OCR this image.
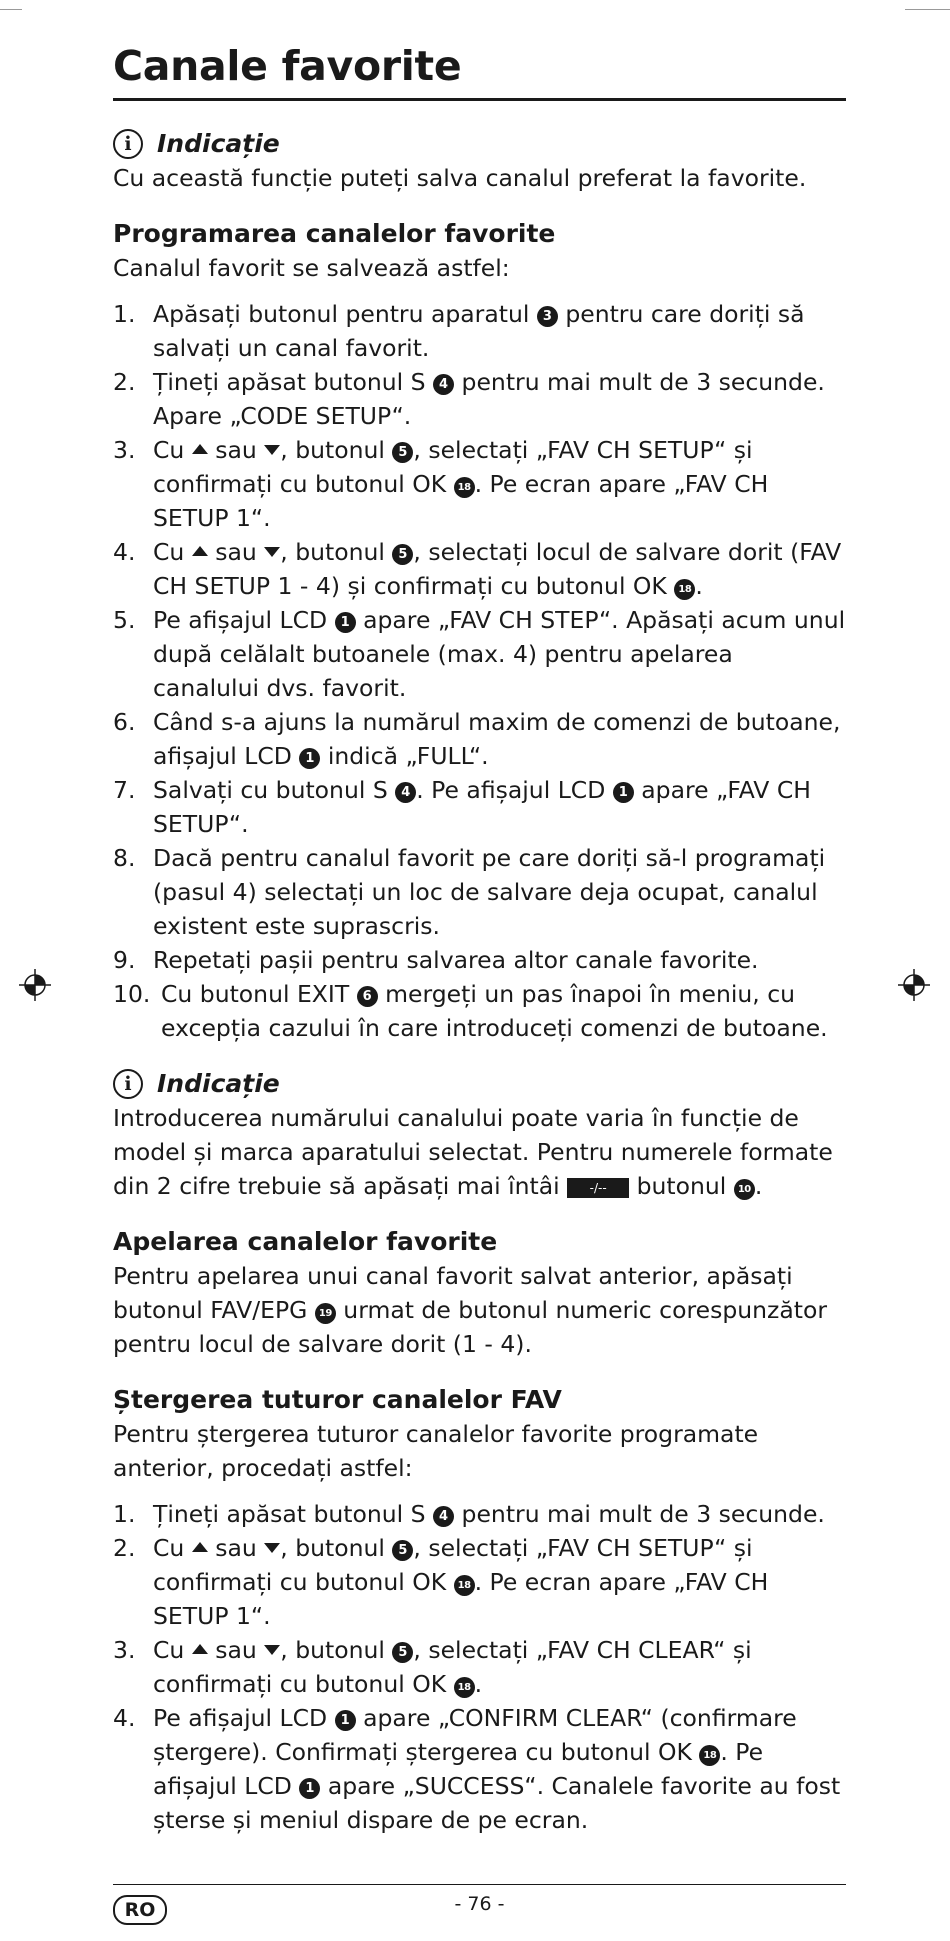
Canale favorite
i	Indicație

Cu această funcție puteți salva canalul preferat la favorite.

Programarea canalelor favorite

Canalul favorit se salvează astfel:

1. Apăsați butonul pentru aparatul 3 pentru care doriți să salvați un canal favorit.
2. Țineți apăsat butonul S 4 pentru mai mult de 3 secunde. Apare „CODE SETUP“.
3. Cu  sau , butonul 5 , selectați „FAV CH SETUP“ și confirmați cu butonul OK 18 . Pe ecran apare „FAV CH SETUP 1“.
4. Cu  sau , butonul 5 , selectați locul de salvare dorit (FAV CH SETUP 1 - 4) și confirmați cu butonul OK 18 .
5. Pe afișajul LCD 1 apare „FAV CH STEP“. Apăsați acum unul după celălalt butoanele (max. 4) pentru apelarea canalului dvs. favorit.
6. Când s-a ajuns la numărul maxim de comenzi de butoane, afișajul LCD 1 indică „FULL“.
7. Salvați cu butonul S 4 . Pe afișajul LCD 1 apare „FAV CH SETUP“.
8. Dacă pentru canalul favorit pe care doriți să-l programați (pasul 4) selectați un loc de salvare deja ocupat, canalul existent este suprascris.
9. Repetați pașii pentru salvarea altor canale favorite.
10. Cu butonul EXIT 6 mergeți un pas înapoi în meniu, cu excepția cazului în care introduceți comenzi de butoane.
i	Indicație

Introducerea numărului canalului poate varia în funcție de model și marca aparatului selectat. Pentru numerele formate din 2 cifre trebuie să apăsați mai întâi -/-- butonul 10 .

Apelarea canalelor favorite

Pentru apelarea unui canal favorit salvat anterior, apăsați butonul FAV/EPG 19 urmat de butonul numeric corespunzător pentru locul de salvare dorit (1 - 4).

Ștergerea tuturor canalelor FAV

Pentru ștergerea tuturor canalelor favorite programate anterior, procedați astfel:

1. Țineți apăsat butonul S 4 pentru mai mult de 3 secunde.
2. Cu  sau , butonul 5 , selectați „FAV CH SETUP“ și confirmați cu butonul OK 18 . Pe ecran apare „FAV CH SETUP 1“.
3. Cu  sau , butonul 5 , selectați „FAV CH CLEAR“ și confirmați cu butonul OK 18 .
4. Pe afișajul LCD 1 apare „CONFIRM CLEAR“ (confirmare ștergere). Confirmați ștergerea cu butonul OK 18 . Pe afișajul LCD 1 apare „SUCCESS“. Canalele favorite au fost șterse și meniul dispare de pe ecran.
RO	- 76 -
